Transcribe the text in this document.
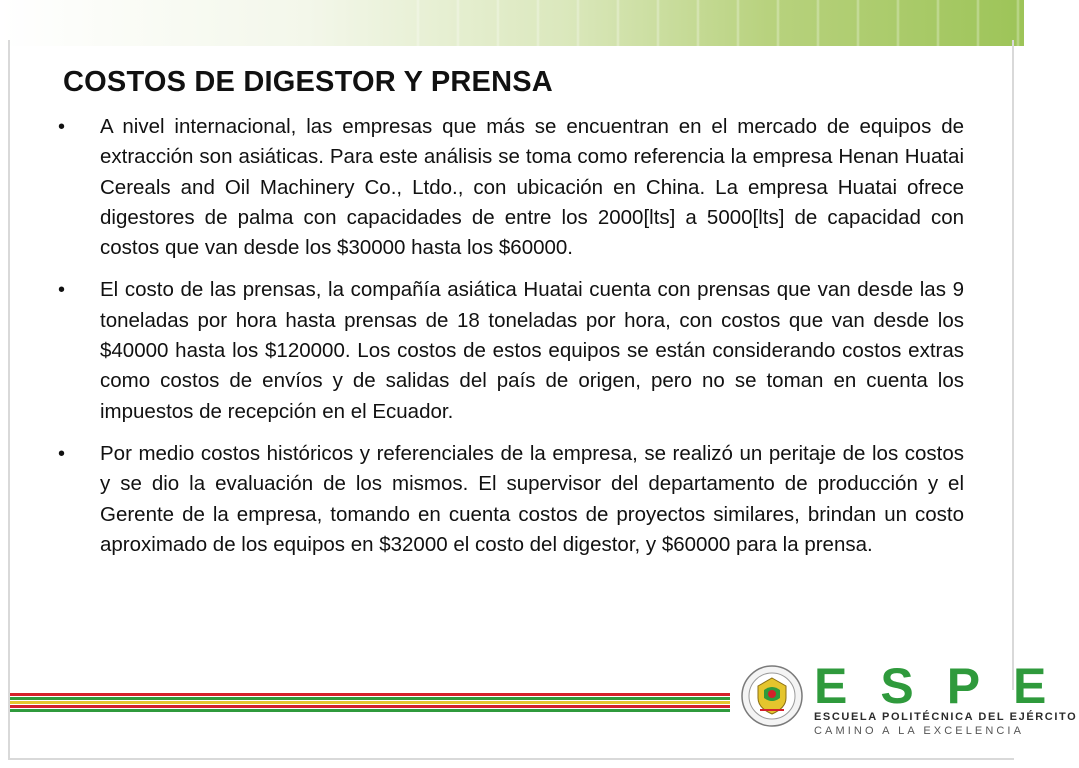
COSTOS DE DIGESTOR Y PRENSA
• A nivel internacional, las empresas que más se encuentran en el mercado de equipos de extracción son asiáticas. Para este análisis se toma como referencia la empresa Henan Huatai Cereals and Oil Machinery Co., Ltdo., con ubicación en China. La empresa Huatai ofrece digestores de palma con capacidades de entre los 2000[lts] a 5000[lts] de capacidad con costos que van desde los $30000 hasta los $60000.
• El costo de las prensas, la compañía asiática Huatai cuenta con prensas que van desde las 9 toneladas por hora hasta prensas de 18 toneladas por hora, con costos que van desde los $40000 hasta los $120000. Los costos de estos equipos se están considerando costos extras como costos de envíos y de salidas del país de origen, pero no se toman en cuenta los impuestos de recepción en el Ecuador.
• Por medio costos históricos y referenciales de la empresa, se realizó un peritaje de los costos y se dio la evaluación de los mismos. El supervisor del departamento de producción y el Gerente de la empresa, tomando en cuenta costos de proyectos similares, brindan un costo aproximado de los equipos en $32000 el costo del digestor, y $60000 para la prensa.
ESPE
ESCUELA POLITÉCNICA DEL EJÉRCITO
CAMINO A LA EXCELENCIA
